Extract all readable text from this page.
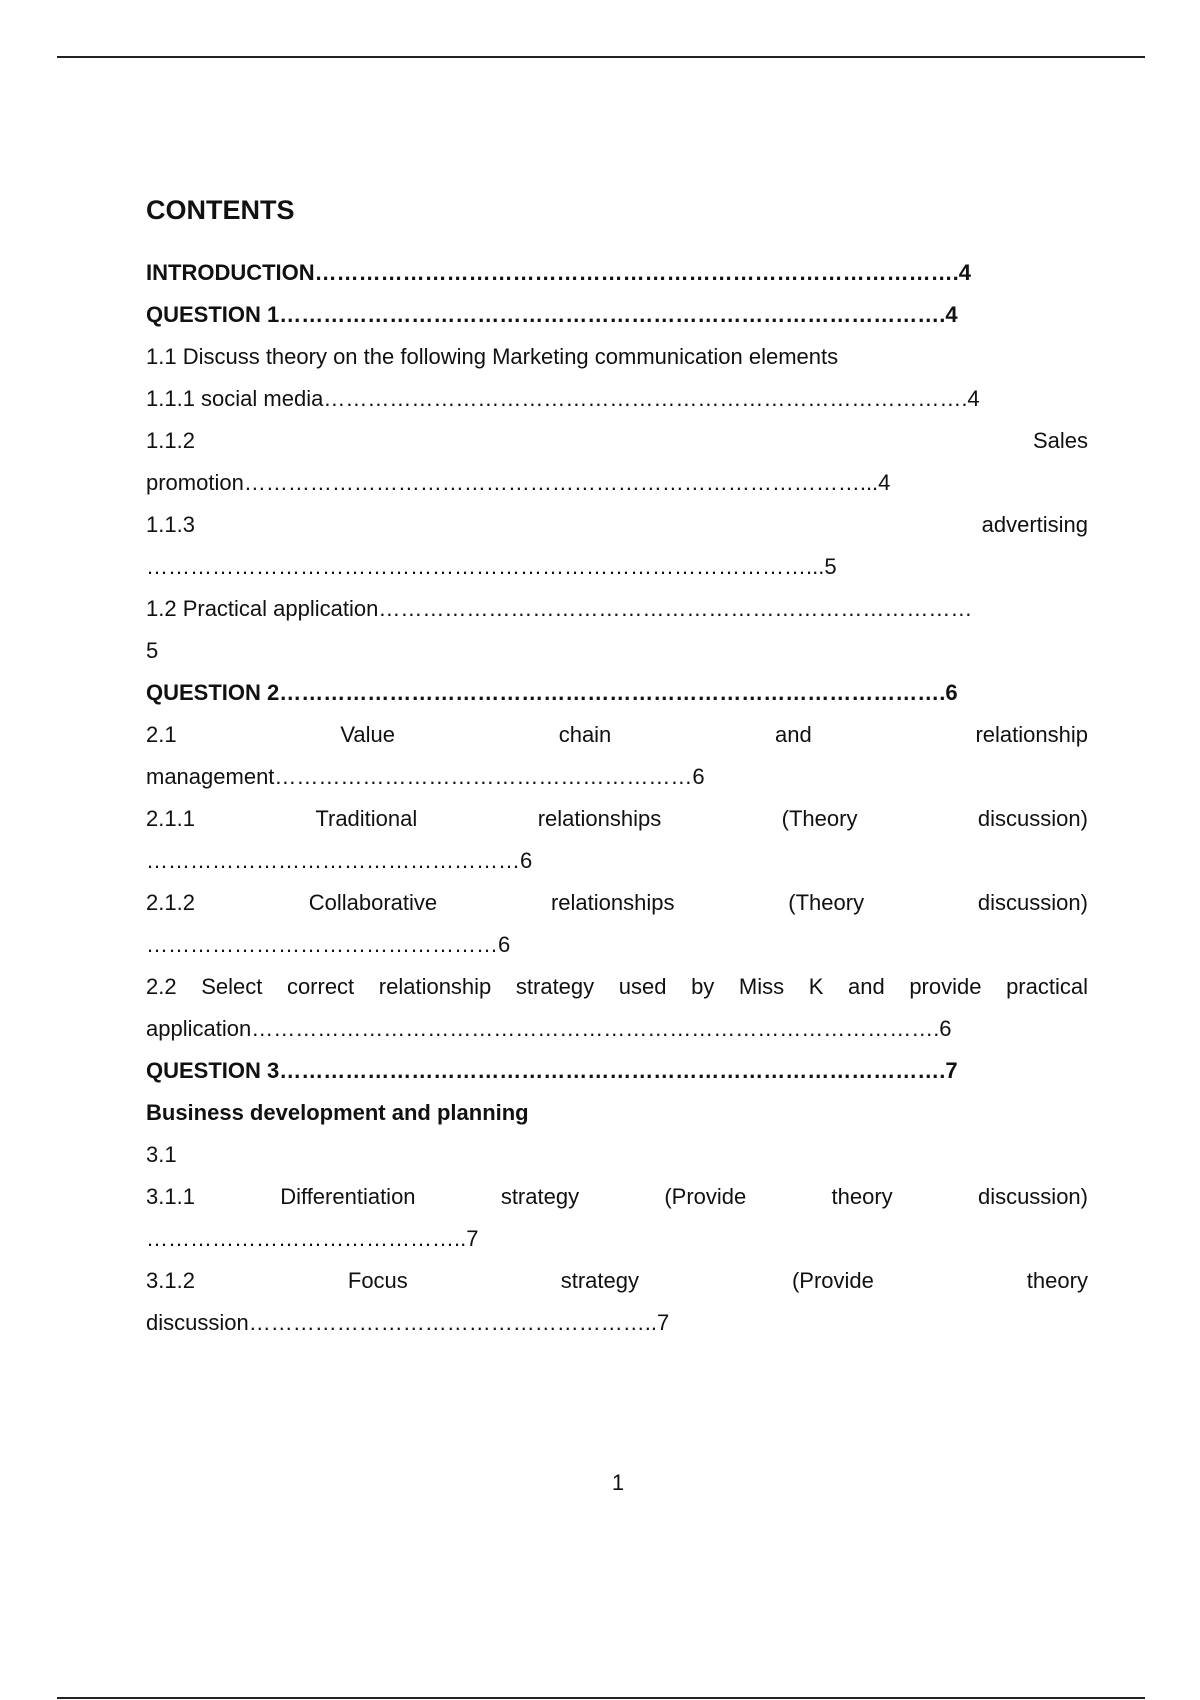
CONTENTS
INTRODUCTION…………………………………………………………………………….4
QUESTION 1……………………………………………………………………………….4
1.1 Discuss theory on the following Marketing communication elements
1.1.1 social media…………………………………………………………………………….4
1.1.2	Sales
promotion…………………………………………………………………………...4
1.1.3	advertising
………………………………………………………………………………...5
1.2 Practical application………………………………………………………………………
5
QUESTION 2……………………………………………………………………………….6
2.1	Value	chain	and	relationship
management…………………………………………………6
2.1.1	Traditional	relationships	(Theory	discussion)
……………………………………………6
2.1.2	Collaborative	relationships	(Theory	discussion)
…………………………………………6
2.2 Select correct relationship strategy used by Miss K and provide practical
application………………………………………………………………………………….6
QUESTION 3……………………………………………………………………………….7
Business development and planning
3.1
3.1.1	Differentiation	strategy	(Provide	theory	discussion)
……………………………………..7
3.1.2	Focus	strategy	(Provide	theory
discussion………………………………………………..7
1
